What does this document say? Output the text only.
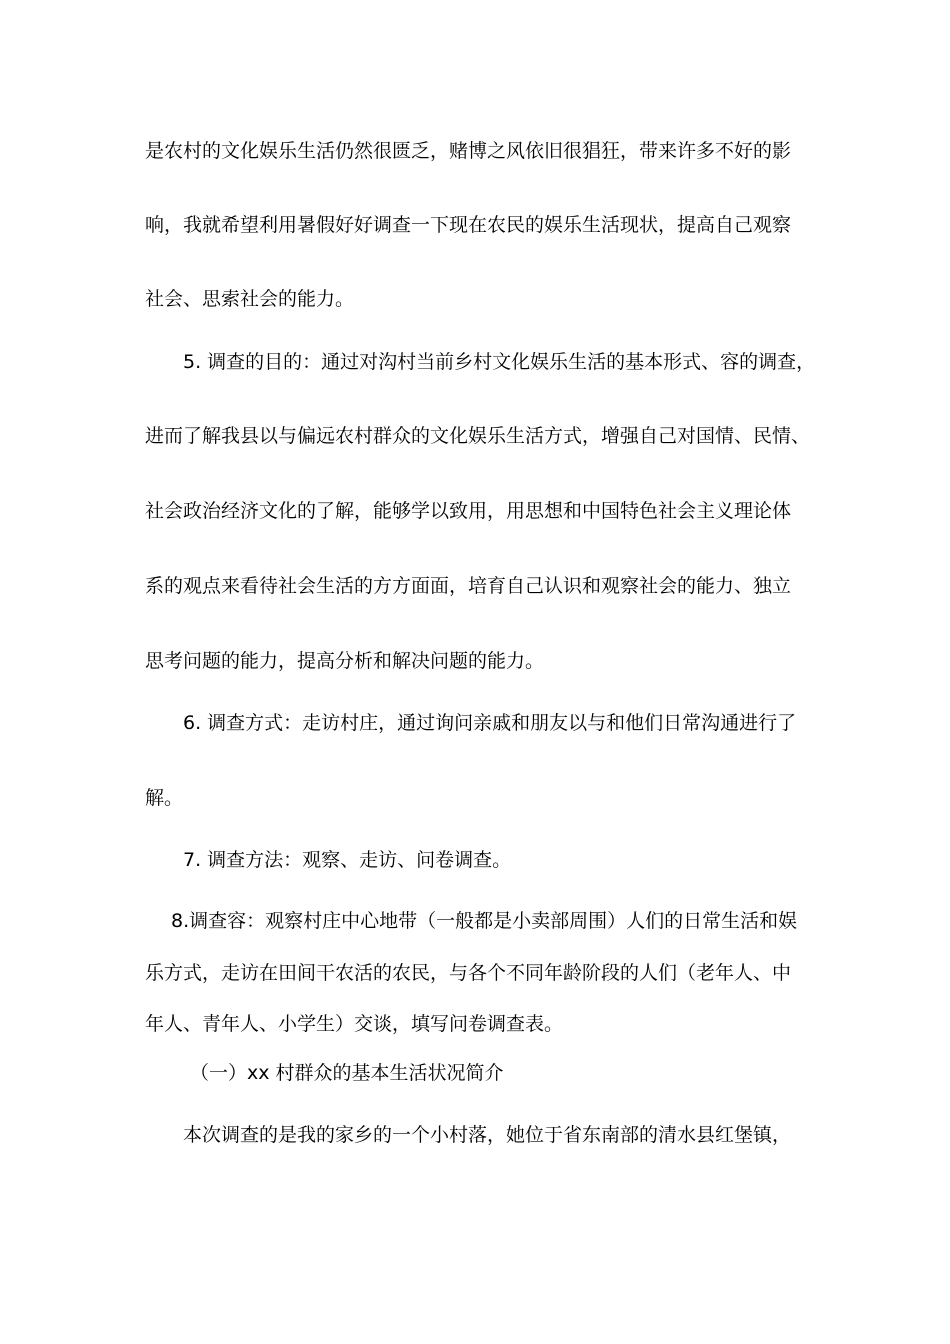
是农村的文化娱乐生活仍然很匮乏，赌博之风依旧很猖狂，带来许多不好的影

响，我就希望利用暑假好好调查一下现在农民的娱乐生活现状，提高自己观察

社会、思索社会的能力。

5. 调查的目的：通过对沟村当前乡村文化娱乐生活的基本形式、容的调查，

进而了解我县以与偏远农村群众的文化娱乐生活方式，增强自己对国情、民情、

社会政治经济文化的了解，能够学以致用，用思想和中国特色社会主义理论体

系的观点来看待社会生活的方方面面，培育自己认识和观察社会的能力、独立

思考问题的能力，提高分析和解决问题的能力。

6. 调查方式：走访村庄，通过询问亲戚和朋友以与和他们日常沟通进行了

解。

7. 调查方法：观察、走访、问卷调查。

8.调查容：观察村庄中心地带（一般都是小卖部周围）人们的日常生活和娱

乐方式，走访在田间干农活的农民，与各个不同年龄阶段的人们（老年人、中

年人、青年人、小学生）交谈，填写问卷调查表。

（一）xx 村群众的基本生活状况简介

本次调查的是我的家乡的一个小村落，她位于省东南部的清水县红堡镇，
